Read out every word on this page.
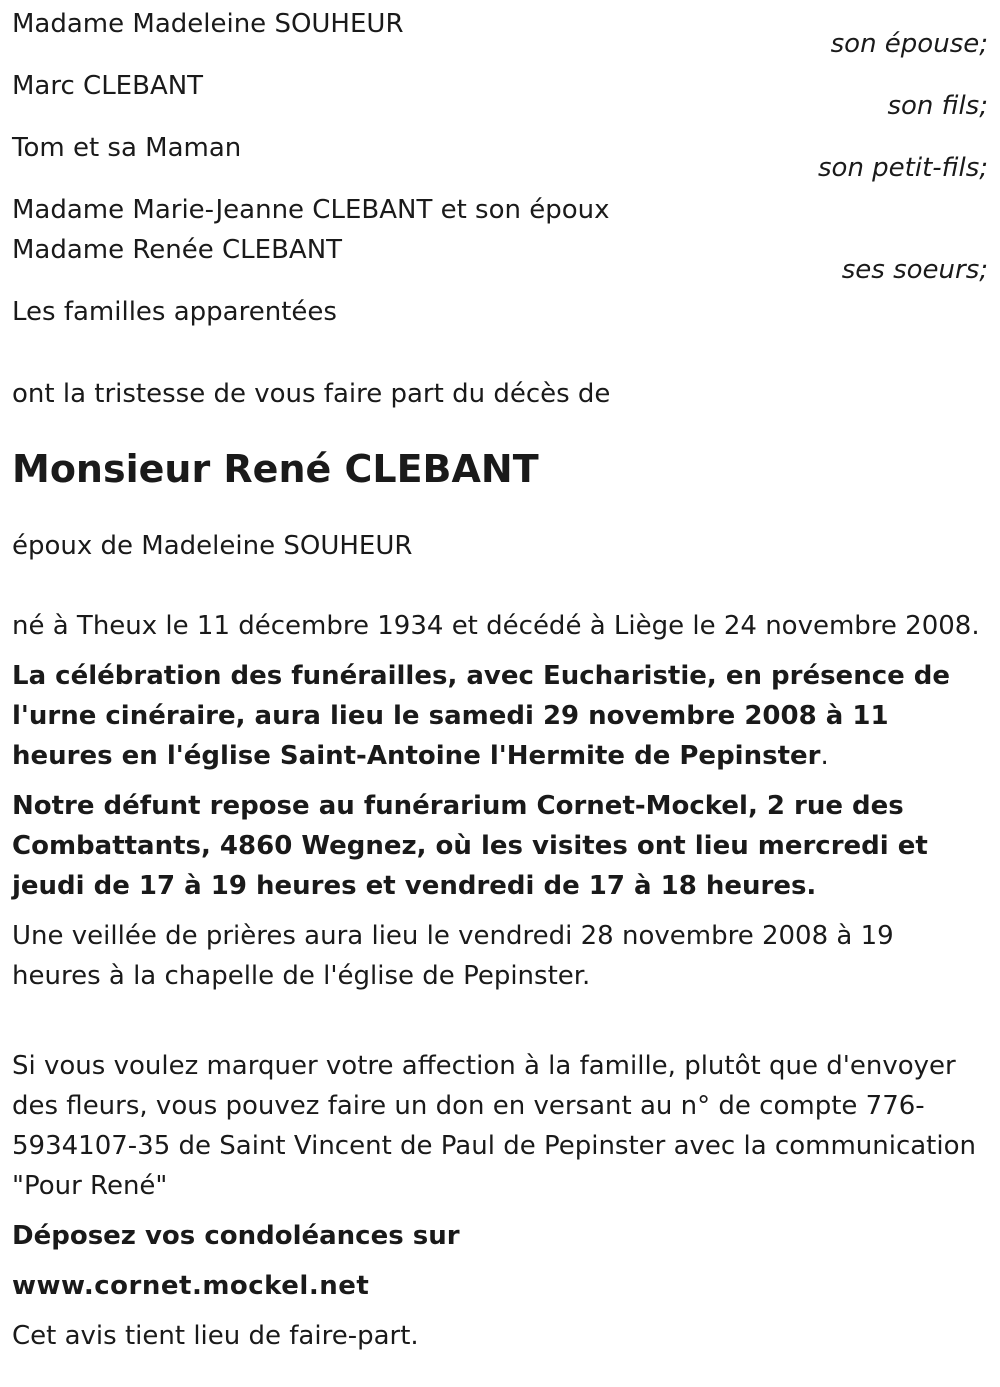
Madame Madeleine SOUHEUR
son épouse;
Marc CLEBANT
son fils;
Tom et sa Maman
son petit-fils;
Madame Marie-Jeanne CLEBANT et son époux
Madame Renée CLEBANT
ses soeurs;
Les familles apparentées
ont la tristesse de vous faire part du décès de
Monsieur René CLEBANT
époux de Madeleine SOUHEUR
né à Theux le 11 décembre 1934 et décédé à Liège le 24 novembre 2008.
La célébration des funérailles, avec Eucharistie, en présence de l'urne cinéraire, aura lieu le samedi 29 novembre 2008 à 11 heures en l'église Saint-Antoine l'Hermite de Pepinster.
Notre défunt repose au funérarium Cornet-Mockel, 2 rue des Combattants, 4860 Wegnez, où les visites ont lieu mercredi et jeudi de 17 à 19 heures et vendredi de 17 à 18 heures.
Une veillée de prières aura lieu le vendredi 28 novembre 2008 à 19 heures à la chapelle de l'église de Pepinster.
Si vous voulez marquer votre affection à la famille, plutôt que d'envoyer des fleurs, vous pouvez faire un don en versant au n° de compte 776-5934107-35 de Saint Vincent de Paul de Pepinster avec la communication "Pour René"
Déposez vos condoléances sur
www.cornet.mockel.net
Cet avis tient lieu de faire-part.
